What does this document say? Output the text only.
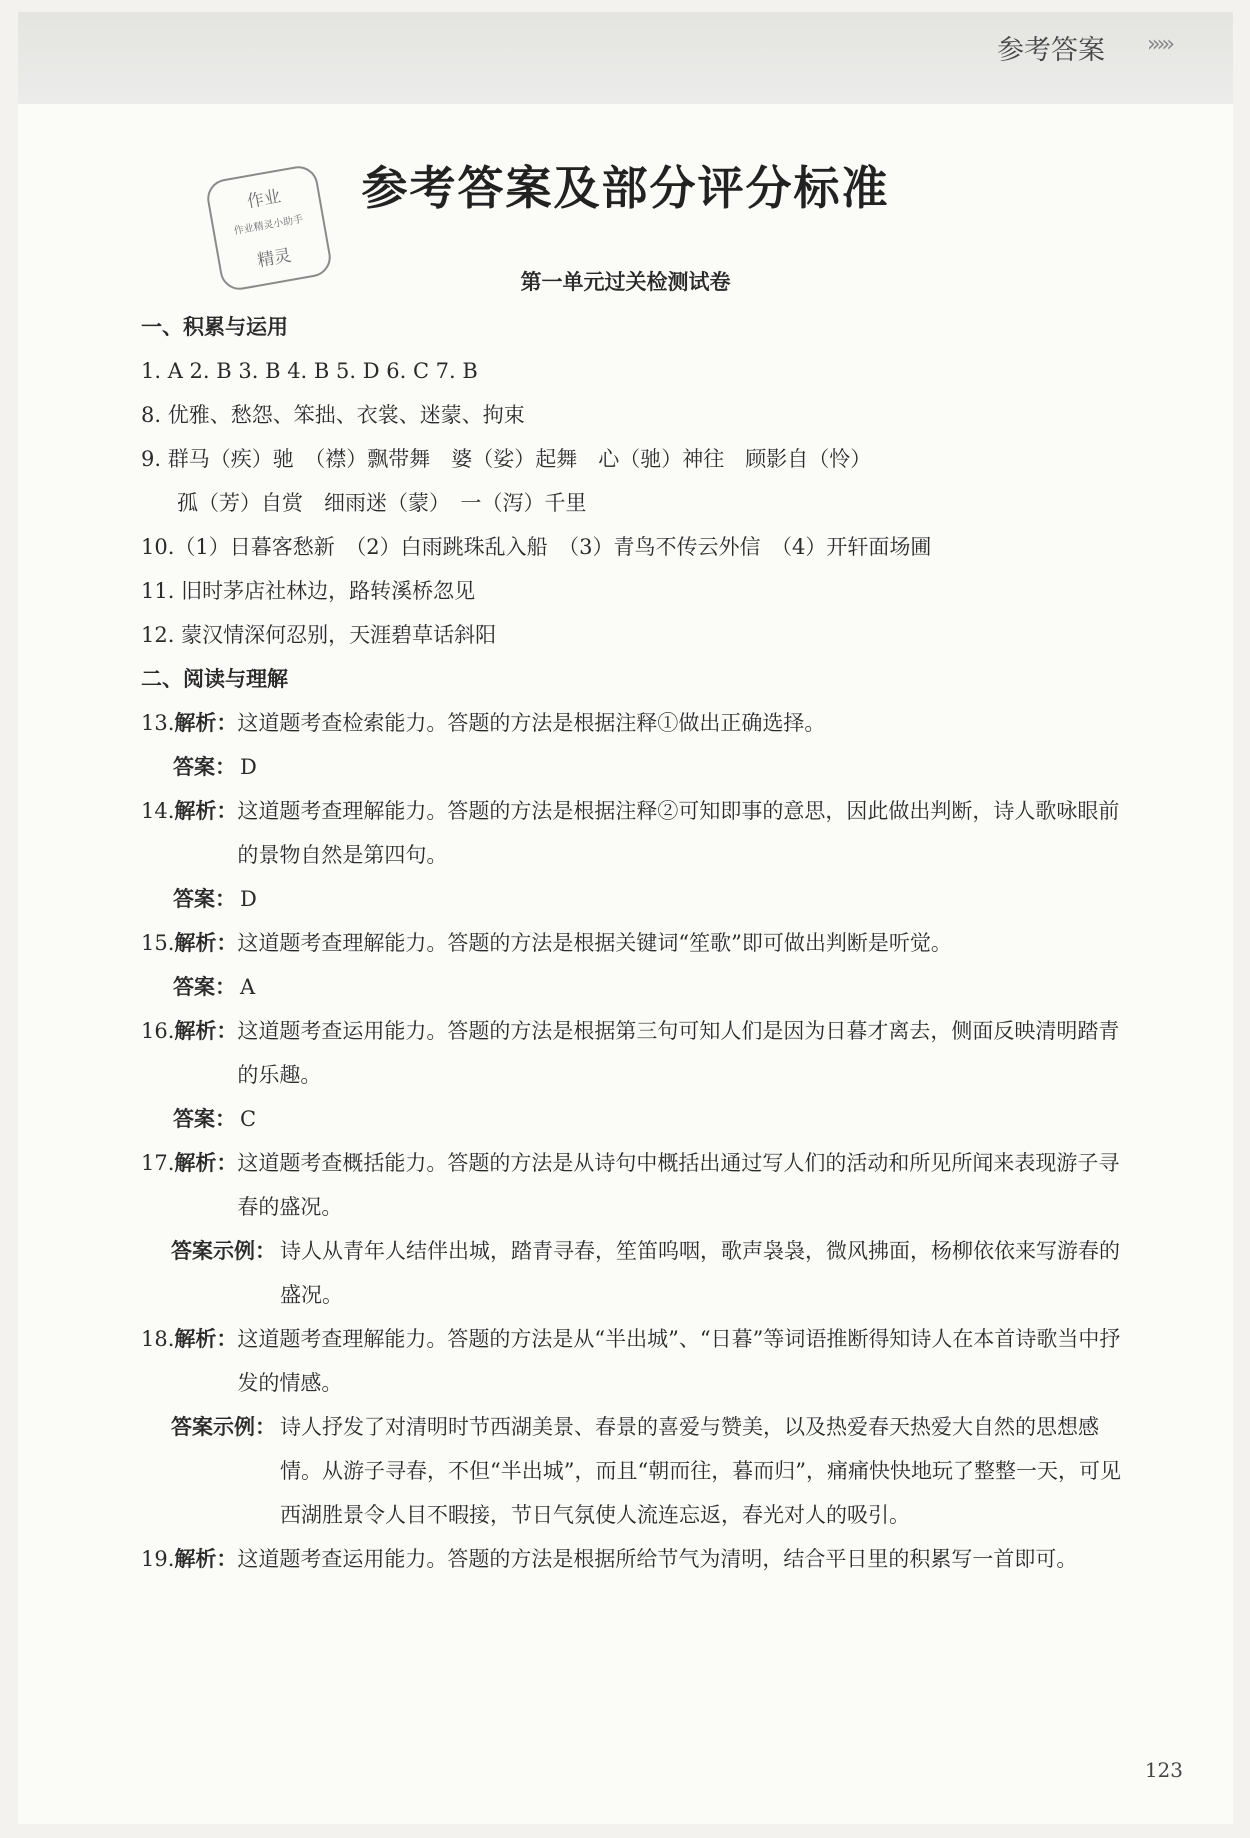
参考答案 ›››››
参考答案及部分评分标准
作业
作业精灵小助手
精灵
第一单元过关检测试卷
一、积累与运用
1. A 2. B 3. B 4. B 5. D 6. C 7. B
8. 优雅、愁怨、笨拙、衣裳、迷蒙、拘束
9. 群马（疾）驰　（襟）飘带舞　婆（娑）起舞　心（驰）神往　顾影自（怜）
孤（芳）自赏　细雨迷（蒙）　一（泻）千里
10.（1）日暮客愁新　（2）白雨跳珠乱入船　（3）青鸟不传云外信　（4）开轩面场圃
11. 旧时茅店社林边，路转溪桥忽见
12. 蒙汉情深何忍别，天涯碧草话斜阳
二、阅读与理解
13. 解析： 这道题考查检索能力。答题的方法是根据注释①做出正确选择。
答案： D
14. 解析： 这道题考查理解能力。答题的方法是根据注释②可知即事的意思，因此做出判断，诗人歌咏眼前的景物自然是第四句。
答案： D
15. 解析： 这道题考查理解能力。答题的方法是根据关键词“笙歌”即可做出判断是听觉。
答案： A
16. 解析： 这道题考查运用能力。答题的方法是根据第三句可知人们是因为日暮才离去，侧面反映清明踏青的乐趣。
答案： C
17. 解析： 这道题考查概括能力。答题的方法是从诗句中概括出通过写人们的活动和所见所闻来表现游子寻春的盛况。
答案示例： 诗人从青年人结伴出城，踏青寻春，笙笛呜咽，歌声袅袅，微风拂面，杨柳依依来写游春的盛况。
18. 解析： 这道题考查理解能力。答题的方法是从“半出城”、“日暮”等词语推断得知诗人在本首诗歌当中抒发的情感。
答案示例： 诗人抒发了对清明时节西湖美景、春景的喜爱与赞美，以及热爱春天热爱大自然的思想感情。从游子寻春，不但“半出城”，而且“朝而往，暮而归”，痛痛快快地玩了整整一天，可见西湖胜景令人目不暇接，节日气氛使人流连忘返，春光对人的吸引。
19. 解析： 这道题考查运用能力。答题的方法是根据所给节气为清明，结合平日里的积累写一首即可。
123
